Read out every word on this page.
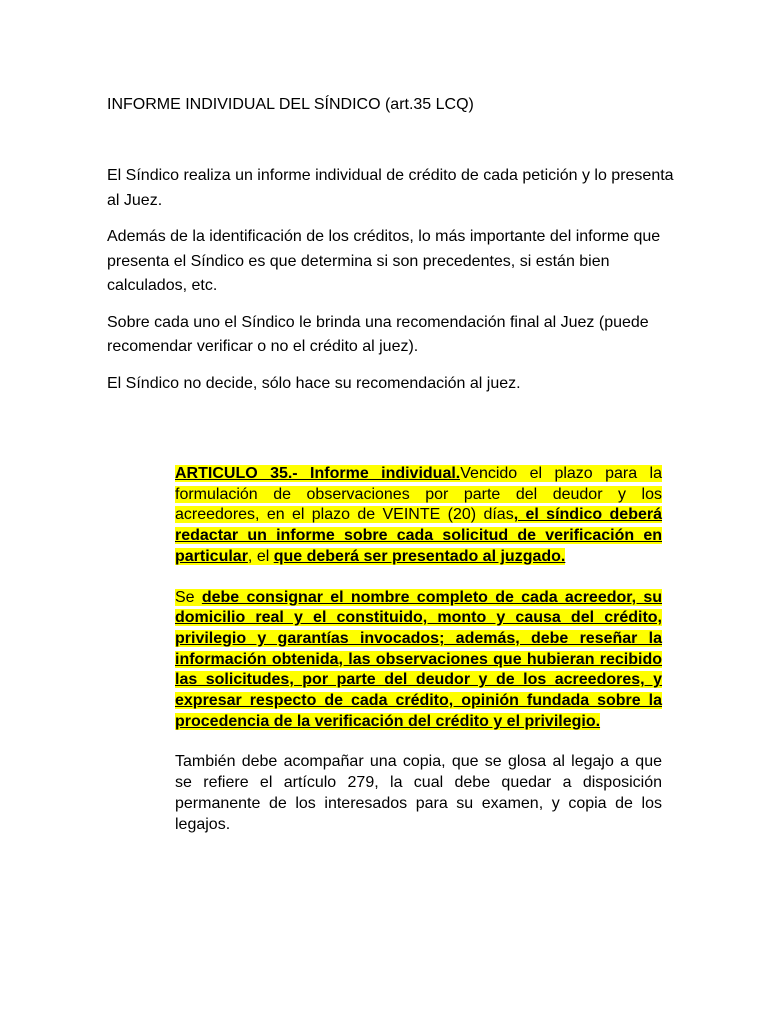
INFORME INDIVIDUAL DEL SÍNDICO (art.35 LCQ)

El Síndico realiza un informe individual de crédito de cada petición y lo presenta al Juez.

Además de la identificación de los créditos, lo más importante del informe que presenta el Síndico es que determina si son precedentes, si están bien calculados, etc.

Sobre cada uno el Síndico le brinda una recomendación final al Juez (puede recomendar verificar o no el crédito al juez).

El Síndico no decide, sólo hace su recomendación al juez.

ARTICULO 35.- Informe individual.Vencido el plazo para la formulación de observaciones por parte del deudor y los acreedores, en el plazo de VEINTE (20) días, el síndico deberá redactar un informe sobre cada solicitud de verificación en particular, el que deberá ser presentado al juzgado.

Se debe consignar el nombre completo de cada acreedor, su domicilio real y el constituido, monto y causa del crédito, privilegio y garantías invocados; además, debe reseñar la información obtenida, las observaciones que hubieran recibido las solicitudes, por parte del deudor y de los acreedores, y expresar respecto de cada crédito, opinión fundada sobre la procedencia de la verificación del crédito y el privilegio.

También debe acompañar una copia, que se glosa al legajo a que se refiere el artículo 279, la cual debe quedar a disposición permanente de los interesados para su examen, y copia de los legajos.
